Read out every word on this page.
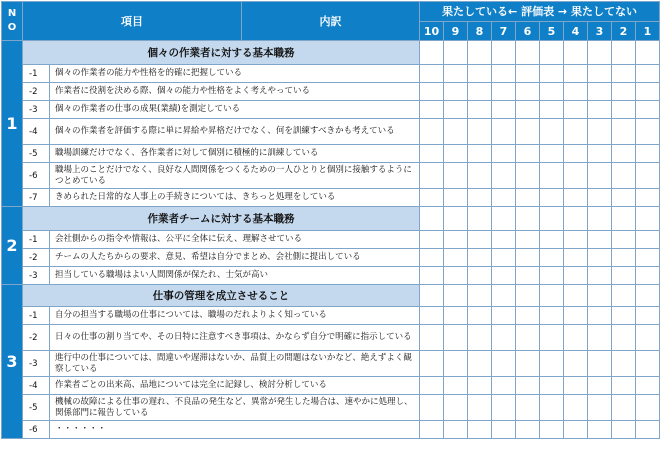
NO	項目		内訳	果たしている← 評価表 → 果たしてない									
				10	9	8	7	6	5	4	3	2	1
1	個々の作業者に対する基本職務												
	-1	個々の作業者の能力や性格を的確に把握している											
	-2	作業者に役割を決める際、個々の能力や性格をよく考えやっている											
	-3	個々の作業者の仕事の成果(業績)を測定している											
	-4	個々の作業者を評価する際に単に昇給や昇格だけでなく、何を訓練すべきかも考えている											
	-5	職場訓練だけでなく、各作業者に対して個別に積極的に訓練している											
	-6	職場上のことだけでなく、良好な人間関係をつくるための一人ひとりと個別に接触するようにつとめている											
	-7	きめられた日常的な人事上の手続きについては、きちっと処理をしている											
2	作業者チームに対する基本職務												
	-1	会社側からの指令や情報は、公平に全体に伝え、理解させている											
	-2	チームの人たちからの要求、意見、希望は自分でまとめ、会社側に提出している											
	-3	担当している職場はよい人間関係が保たれ、士気が高い											
3	仕事の管理を成立させること												
	-1	自分の担当する職場の仕事については、職場のだれよりよく知っている											
	-2	日々の仕事の割り当てや、その日特に注意すべき事項は、かならず自分で明確に指示している											
	-3	進行中の仕事については、間違いや遅滞はないか、品質上の問題はないかなど、絶えずよく観察している											
	-4	作業者ごとの出来高、品地については完全に記録し、検討分析している											
	-5	機械の故障による仕事の遅れ、不良品の発生など、異常が発生した場合は、速やかに処理し、関係部門に報告している											
	-6	・・・・・・											
